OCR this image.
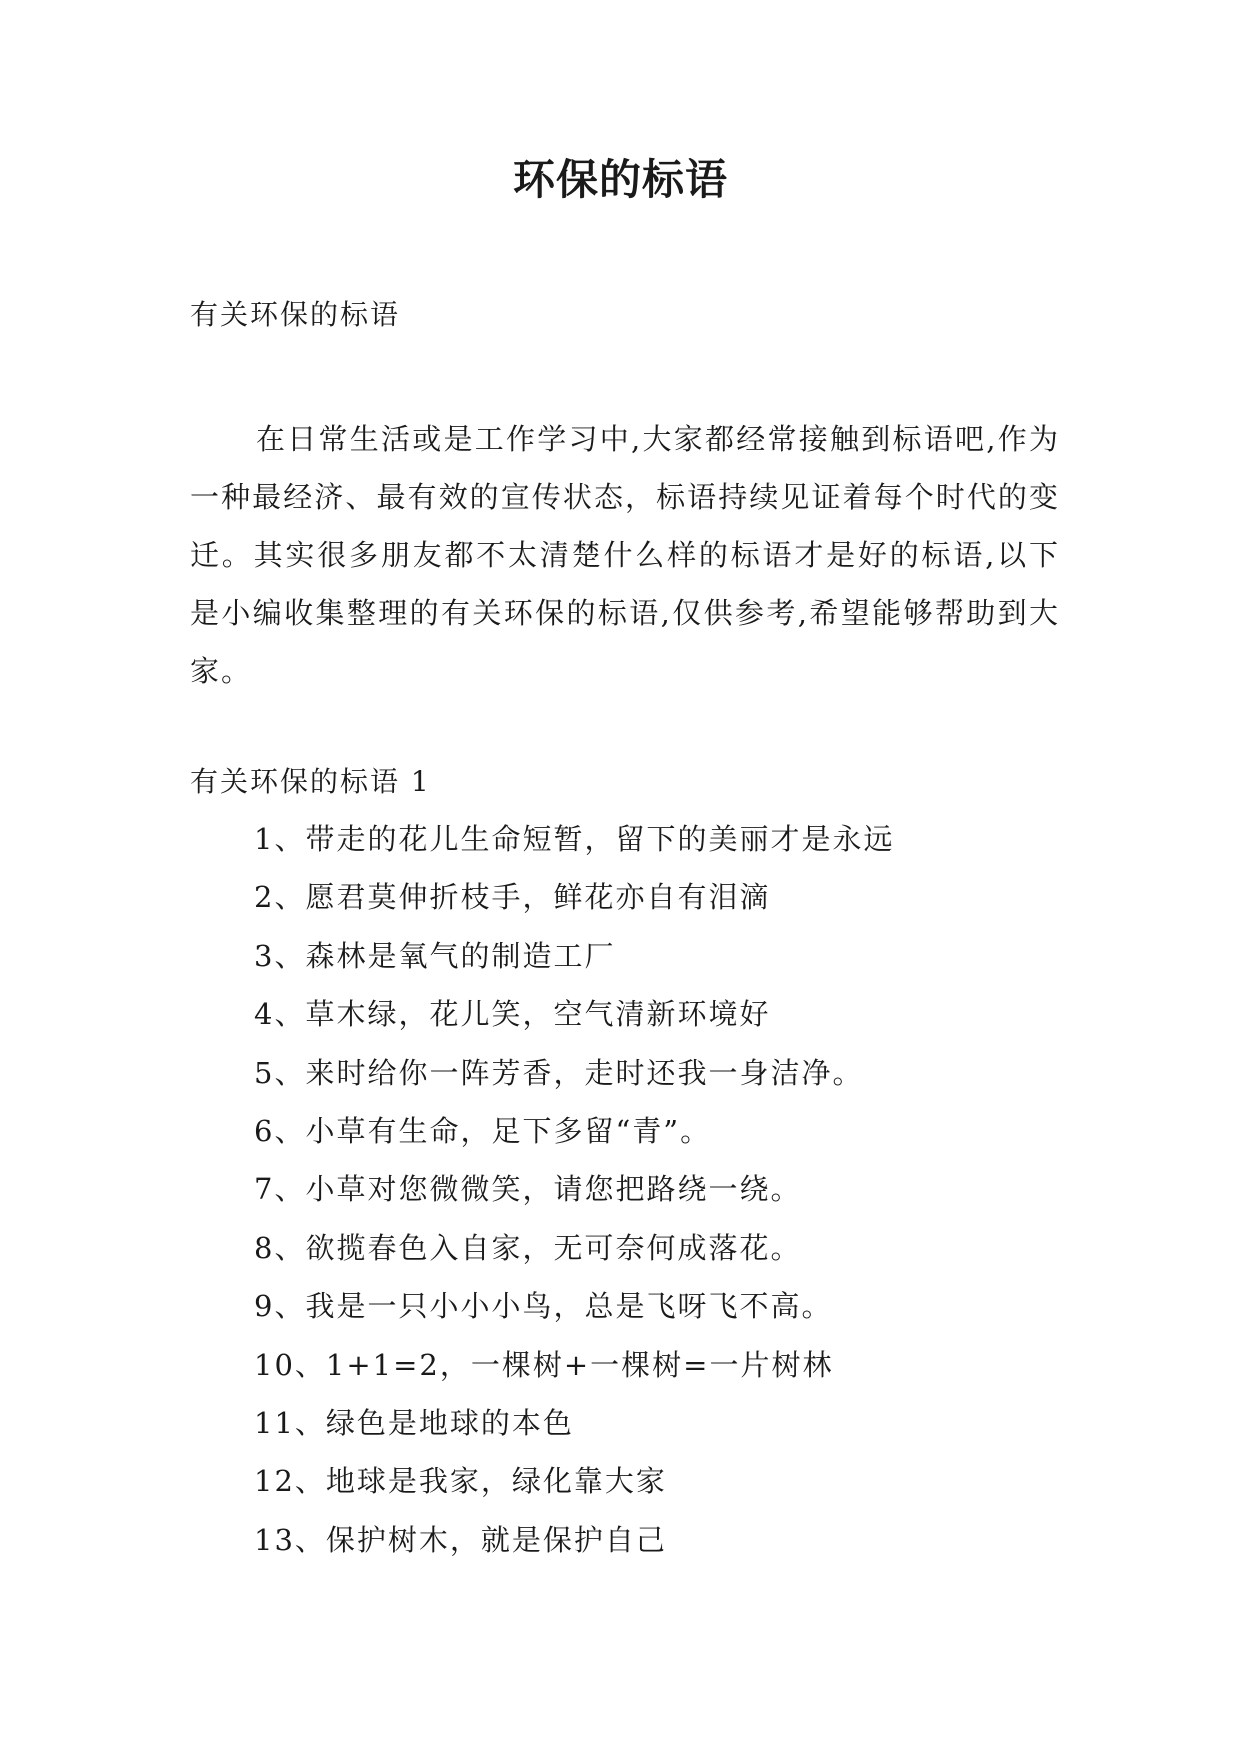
环保的标语

有关环保的标语

在日常生活或是工作学习中,大家都经常接触到标语吧,作为一种最经济、最有效的宣传状态，标语持续见证着每个时代的变迁。其实很多朋友都不太清楚什么样的标语才是好的标语,以下是小编收集整理的有关环保的标语,仅供参考,希望能够帮助到大家。

有关环保的标语 1

1、带走的花儿生命短暂，留下的美丽才是永远
2、愿君莫伸折枝手，鲜花亦自有泪滴
3、森林是氧气的制造工厂
4、草木绿，花儿笑，空气清新环境好
5、来时给你一阵芳香，走时还我一身洁净。
6、小草有生命，足下多留“青”。
7、小草对您微微笑，请您把路绕一绕。
8、欲揽春色入自家，无可奈何成落花。
9、我是一只小小小鸟，总是飞呀飞不高。
10、1+1=2，一棵树+一棵树=一片树林
11、绿色是地球的本色
12、地球是我家，绿化靠大家
13、保护树木，就是保护自己
